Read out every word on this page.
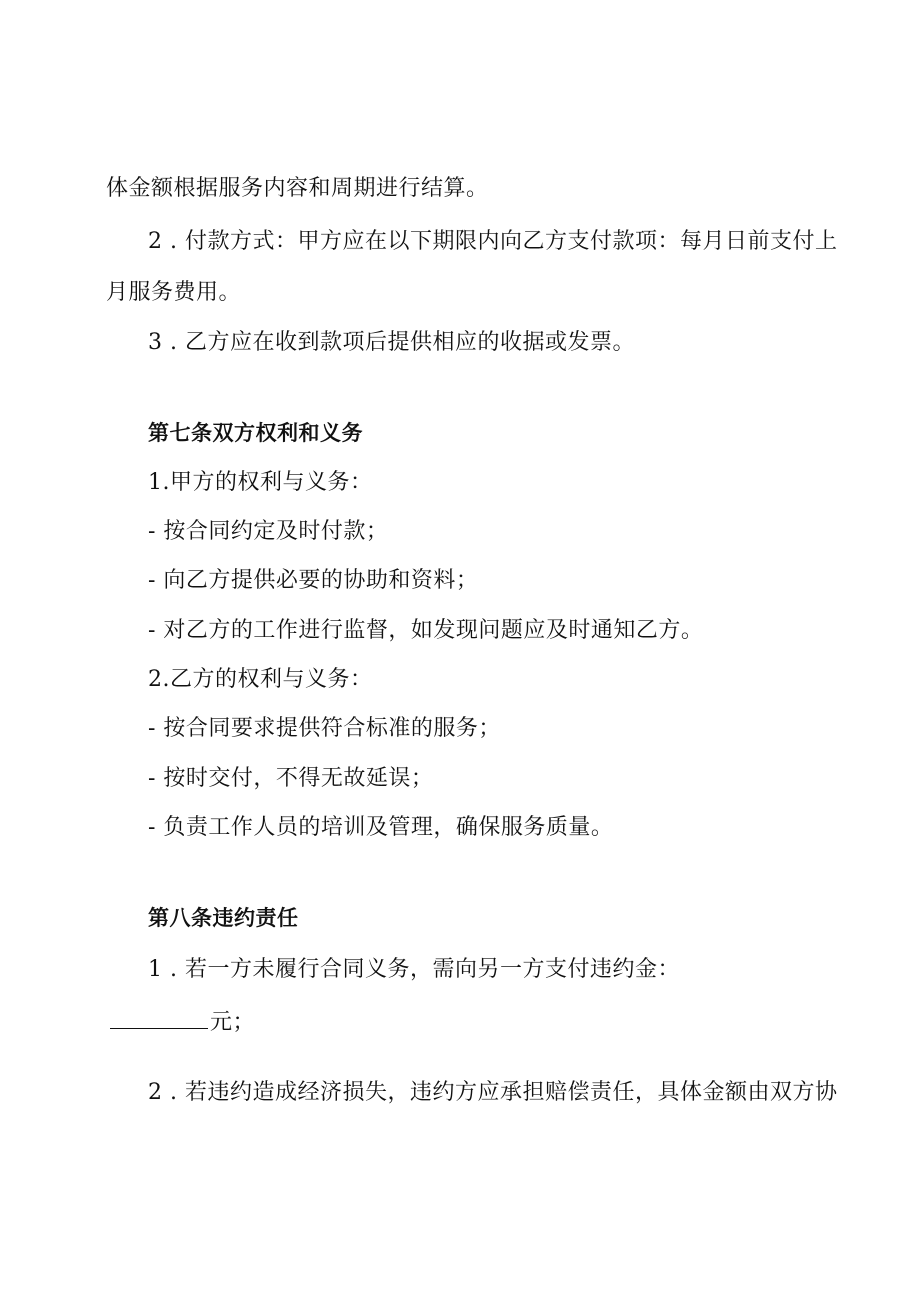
体金额根据服务内容和周期进行结算。
2 . 付款方式：甲方应在以下期限内向乙方支付款项：每月日前支付上
月服务费用。
3 . 乙方应在收到款项后提供相应的收据或发票。
第七条双方权利和义务
1.甲方的权利与义务：
- 按合同约定及时付款；
- 向乙方提供必要的协助和资料；
- 对乙方的工作进行监督，如发现问题应及时通知乙方。
2.乙方的权利与义务：
- 按合同要求提供符合标准的服务；
- 按时交付，不得无故延误；
- 负责工作人员的培训及管理，确保服务质量。
第八条违约责任
1 . 若一方未履行合同义务，需向另一方支付违约金：
元；
2 . 若违约造成经济损失，违约方应承担赔偿责任，具体金额由双方协
